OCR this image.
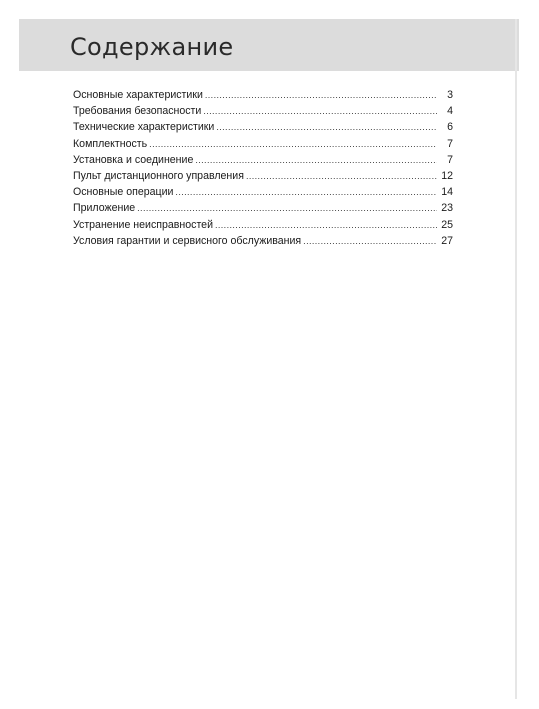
Содержание
Основные характеристики .....	3
Требования безопасности .....	4
Технические характеристики .....	6
Комплектность .....	7
Установка и соединение .....	7
Пульт дистанционного управления .....	12
Основные операции .....	14
Приложение .....	23
Устранение неисправностей .....	25
Условия гарантии и сервисного обслуживания .....	27
